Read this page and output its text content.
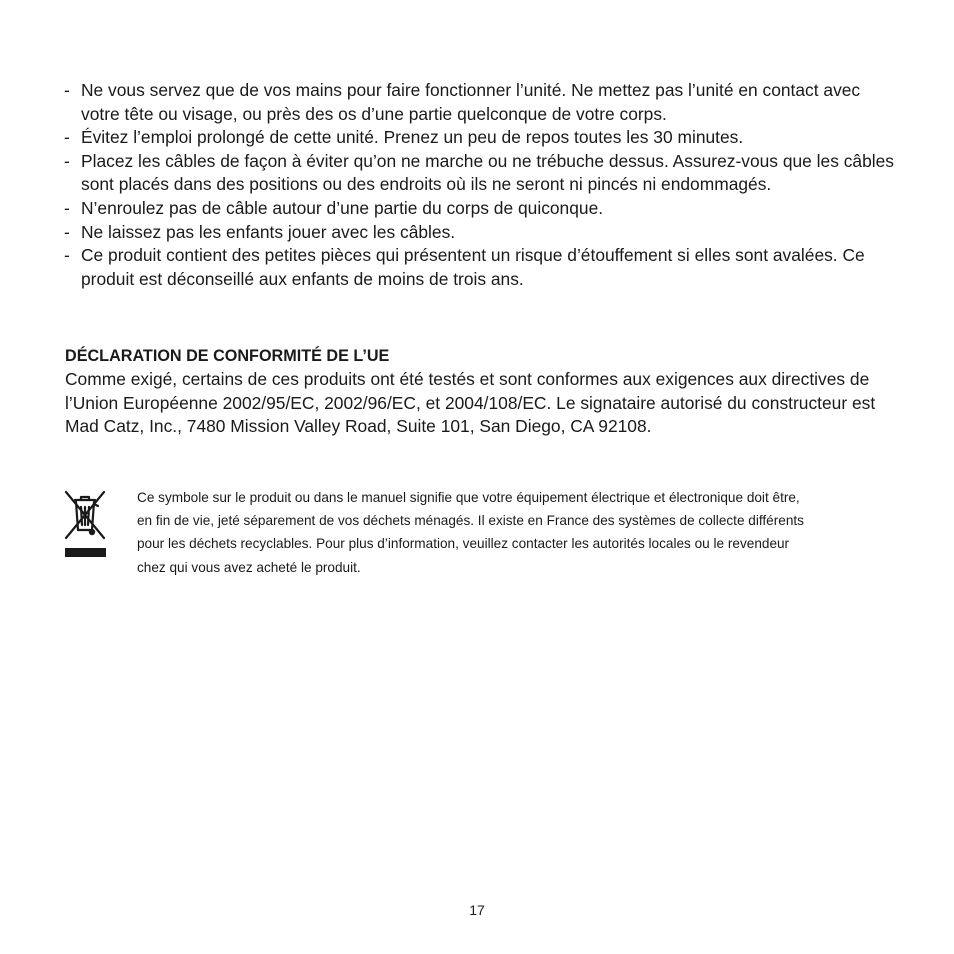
- Ne vous servez que de vos mains pour faire fonctionner l’unité. Ne mettez pas l’unité en contact avec votre tête ou visage, ou près des os d’une partie quelconque de votre corps.
- Évitez l’emploi prolongé de cette unité. Prenez un peu de repos toutes les 30 minutes.
- Placez les câbles de façon à éviter qu’on ne marche ou ne trébuche dessus. Assurez-vous que les câbles sont placés dans des positions ou des endroits où ils ne seront ni pincés ni endommagés.
- N’enroulez pas de câble autour d’une partie du corps de quiconque.
- Ne laissez pas les enfants jouer avec les câbles.
- Ce produit contient des petites pièces qui présentent un risque d’étouffement si elles sont avalées. Ce produit est déconseillé aux enfants de moins de trois ans.

DÉCLARATION DE CONFORMITÉ DE L’UE

Comme exigé, certains de ces produits ont été testés et sont conformes aux exigences aux directives de l’Union Européenne 2002/95/EC, 2002/96/EC, et 2004/108/EC. Le signataire autorisé du constructeur est Mad Catz, Inc., 7480 Mission Valley Road, Suite 101, San Diego, CA 92108.

Ce symbole sur le produit ou dans le manuel signifie que votre équipement électrique et électronique doit être, en fin de vie, jeté séparement de vos déchets ménagés. Il existe en France des systèmes de collecte différents pour les déchets recyclables. Pour plus d’information, veuillez contacter les autorités locales ou le revendeur chez qui vous avez acheté le produit.

17
